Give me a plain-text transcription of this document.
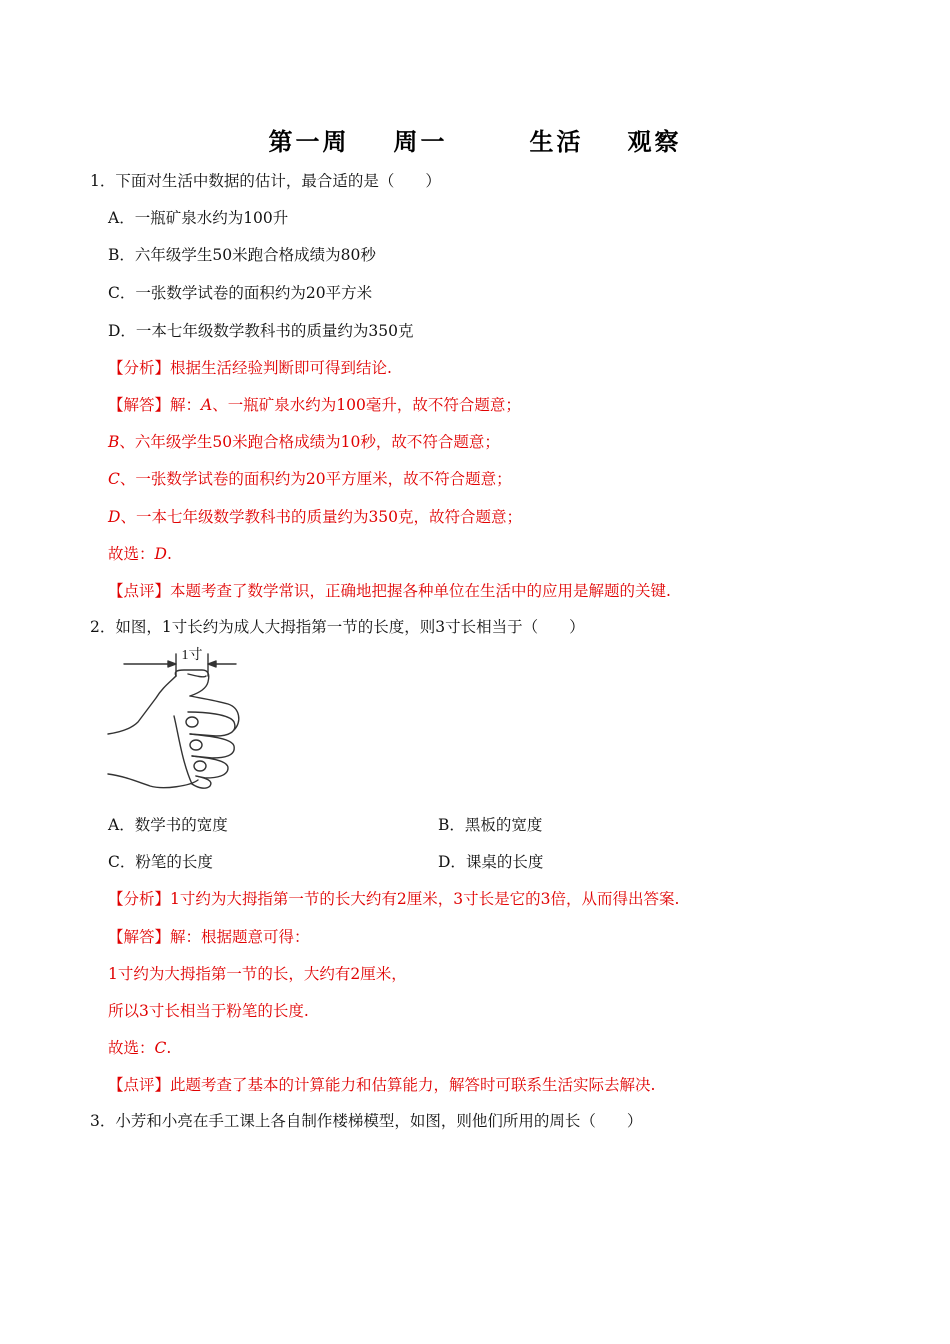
第一周 周一	生活 观察
1．下面对生活中数据的估计，最合适的是（　　）
A．一瓶矿泉水约为100升
B．六年级学生50米跑合格成绩为80秒
C．一张数学试卷的面积约为20平方米
D．一本七年级数学教科书的质量约为350克
【分析】根据生活经验判断即可得到结论.
【解答】解：A、一瓶矿泉水约为100毫升，故不符合题意；
B、六年级学生50米跑合格成绩为10秒，故不符合题意；
C、一张数学试卷的面积约为20平方厘米，故不符合题意；
D、一本七年级数学教科书的质量约为350克，故符合题意；
故选：D.
【点评】本题考查了数学常识，正确地把握各种单位在生活中的应用是解题的关键.
2．如图，1寸长约为成人大拇指第一节的长度，则3寸长相当于（　　）
1寸
A．数学书的宽度	B．黑板的宽度
C．粉笔的长度	D．课桌的长度
【分析】1寸约为大拇指第一节的长大约有2厘米，3寸长是它的3倍，从而得出答案.
【解答】解：根据题意可得：
1寸约为大拇指第一节的长，大约有2厘米，
所以3寸长相当于粉笔的长度.
故选：C.
【点评】此题考查了基本的计算能力和估算能力，解答时可联系生活实际去解决.
3．小芳和小亮在手工课上各自制作楼梯模型，如图，则他们所用的周长（　　）
